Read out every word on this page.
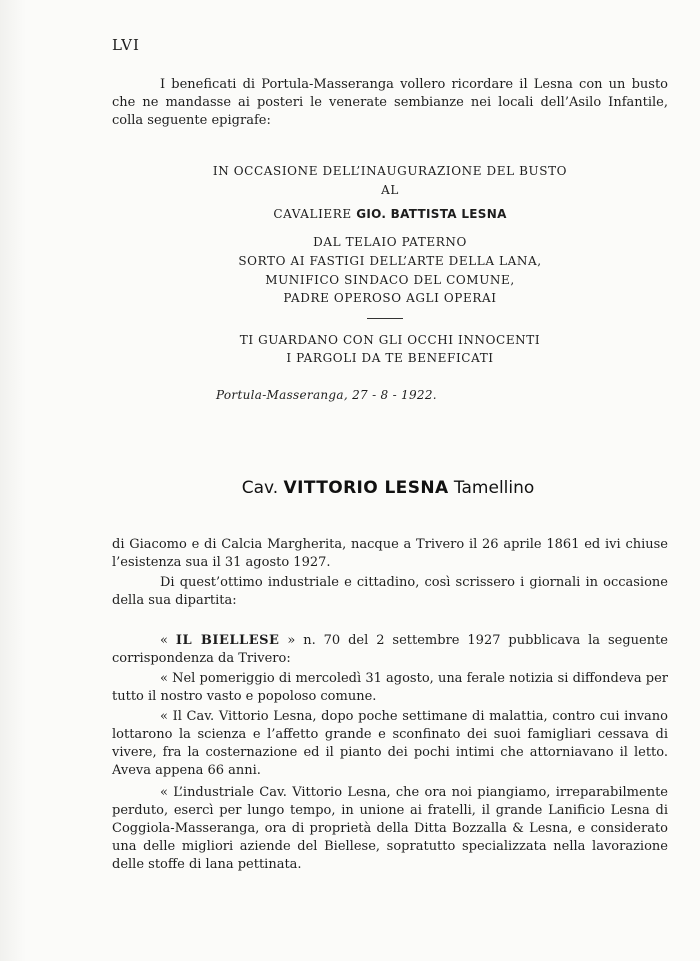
LVI

I beneficati di Portula-Masseranga vollero ricordare il Lesna con un busto che ne mandasse ai posteri le venerate sembianze nei locali dell’Asilo Infantile, colla seguente epigrafe:

IN OCCASIONE DELL’INAUGURAZIONE DEL BUSTO
AL
CAVALIERE GIO. BATTISTA LESNA
DAL TELAIO PATERNO
SORTO AI FASTIGI DELL’ARTE DELLA LANA,
MUNIFICO SINDACO DEL COMUNE,
PADRE OPEROSO AGLI OPERAI
TI GUARDANO CON GLI OCCHI INNOCENTI
I PARGOLI DA TE BENEFICATI
Portula-Masseranga, 27 - 8 - 1922.
Cav. VITTORIO LESNA Tamellino

di Giacomo e di Calcia Margherita, nacque a Trivero il 26 aprile 1861 ed ivi chiuse l’esistenza sua il 31 agosto 1927.

Di quest’ottimo industriale e cittadino, così scrissero i giornali in occasione della sua dipartita:

« IL BIELLESE » n. 70 del 2 settembre 1927 pubblicava la seguente corrispondenza da Trivero:

« Nel pomeriggio di mercoledì 31 agosto, una ferale notizia si diffondeva per tutto il nostro vasto e popoloso comune.

« Il Cav. Vittorio Lesna, dopo poche settimane di malattia, contro cui invano lottarono la scienza e l’affetto grande e sconfinato dei suoi famigliari cessava di vivere, fra la costernazione ed il pianto dei pochi intimi che attorniavano il letto. Aveva appena 66 anni.

« L’industriale Cav. Vittorio Lesna, che ora noi piangiamo, irreparabilmente perduto, esercì per lungo tempo, in unione ai fratelli, il grande Lanificio Lesna di Coggiola-Masseranga, ora di proprietà della Ditta Bozzalla & Lesna, e considerato una delle migliori aziende del Biellese, sopratutto specializzata nella lavorazione delle stoffe di lana pettinata.
